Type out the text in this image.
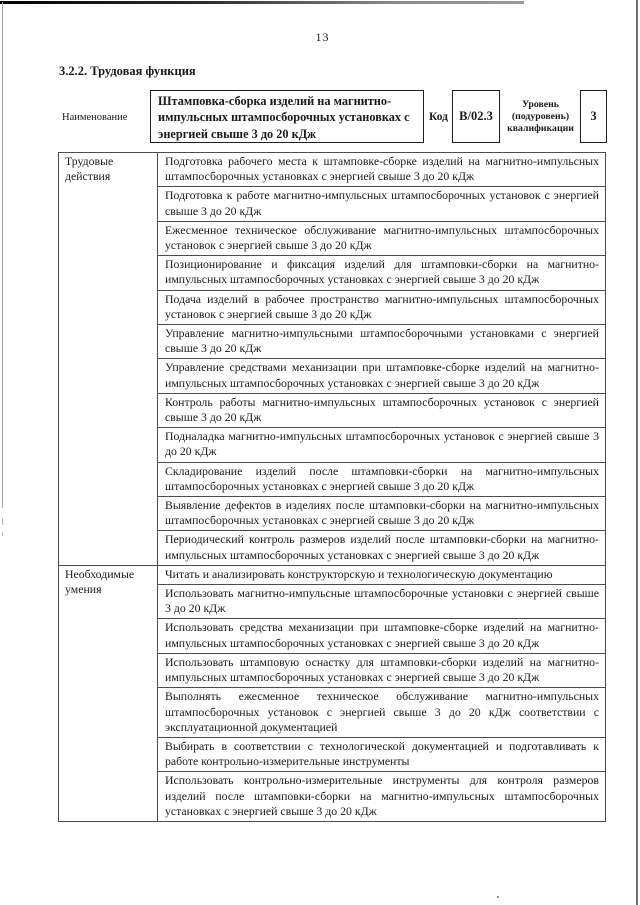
13
3.2.2. Трудовая функция
Наименование
Штамповка-сборка изделий на магнитно-импульсных штампосборочных установках с энергией свыше 3 до 20 кДж
Код В/02.3
Уровень (подуровень) квалификации
3
Трудовые действия	Подготовка рабочего места к штамповке-сборке изделий на магнитно-импульсных штампосборочных установках с энергией свыше 3 до 20 кДж
	Подготовка к работе магнитно-импульсных штампосборочных установок с энергией свыше 3 до 20 кДж
	Ежесменное техническое обслуживание магнитно-импульсных штампосборочных установок с энергией свыше 3 до 20 кДж
	Позиционирование и фиксация изделий для штамповки-сборки на магнитно-импульсных штампосборочных установках с энергией свыше 3 до 20 кДж
	Подача изделий в рабочее пространство магнитно-импульсных штампосборочных установок с энергией свыше 3 до 20 кДж
	Управление магнитно-импульсными штампосборочными установками с энергией свыше 3 до 20 кДж
	Управление средствами механизации при штамповке-сборке изделий на магнитно-импульсных штампосборочных установках с энергией свыше 3 до 20 кДж
	Контроль работы магнитно-импульсных штампосборочных установок с энергией свыше 3 до 20 кДж
	Подналадка магнитно-импульсных штампосборочных установок с энергией свыше 3 до 20 кДж
	Складирование изделий после штамповки-сборки на магнитно-импульсных штампосборочных установках с энергией свыше 3 до 20 кДж
	Выявление дефектов в изделиях после штамповки-сборки на магнитно-импульсных штампосборочных установках с энергией свыше 3 до 20 кДж
	Периодический контроль размеров изделий после штамповки-сборки на магнитно-импульсных штампосборочных установках с энергией свыше 3 до 20 кДж
Необходимые умения	Читать и анализировать конструкторскую и технологическую документацию
	Использовать магнитно-импульсные штампосборочные установки с энергией свыше 3 до 20 кДж
	Использовать средства механизации при штамповке-сборке изделий на магнитно-импульсных штампосборочных установках с энергией свыше 3 до 20 кДж
	Использовать штамповую оснастку для штамповки-сборки изделий на магнитно-импульсных штампосборочных установках с энергией свыше 3 до 20 кДж
	Выполнять ежесменное техническое обслуживание магнитно-импульсных штампосборочных установок с энергией свыше 3 до 20 кДж соответствии с эксплуатационной документацией
	Выбирать в соответствии с технологической документацией и подготавливать к работе контрольно-измерительные инструменты
	Использовать контрольно-измерительные инструменты для контроля размеров изделий после штамповки-сборки на магнитно-импульсных штампосборочных установках с энергией свыше 3 до 20 кДж
